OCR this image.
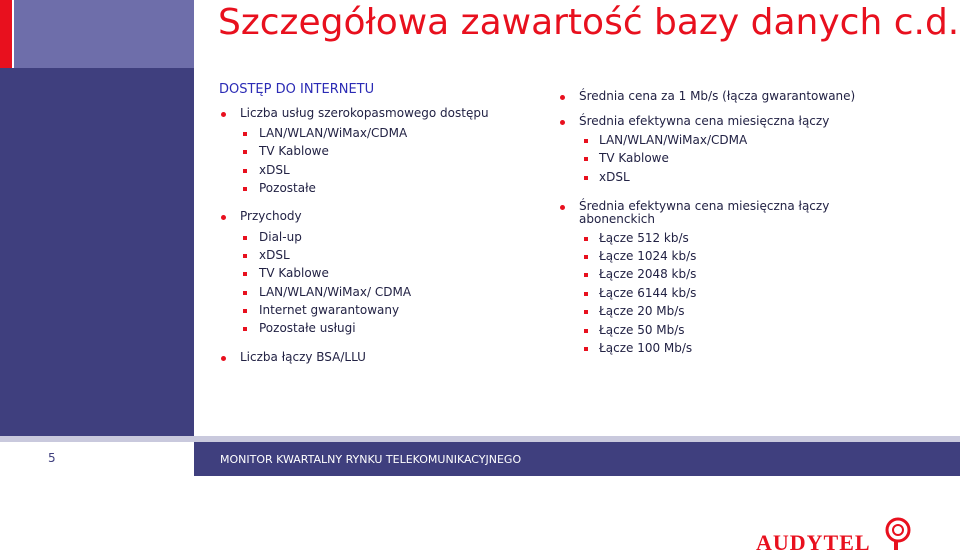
Szczegółowa zawartość bazy danych c.d.
DOSTĘP DO INTERNETU
Liczba usług szerokopasmowego dostępu
LAN/WLAN/WiMax/CDMA
TV Kablowe
xDSL
Pozostałe
Przychody
Dial-up
xDSL
TV Kablowe
LAN/WLAN/WiMax/ CDMA
Internet gwarantowany
Pozostałe usługi
Liczba łączy BSA/LLU
Średnia cena za 1 Mb/s (łącza gwarantowane)
Średnia efektywna cena miesięczna łączy
LAN/WLAN/WiMax/CDMA
TV Kablowe
xDSL
Średnia efektywna cena miesięczna łączy
abonenckich
Łącze 512 kb/s
Łącze 1024 kb/s
Łącze 2048 kb/s
Łącze 6144 kb/s
Łącze 20 Mb/s
Łącze 50 Mb/s
Łącze 100 Mb/s
5	MONITOR KWARTALNY RYNKU TELEKOMUNIKACYJNEGO
AUDYTEL
